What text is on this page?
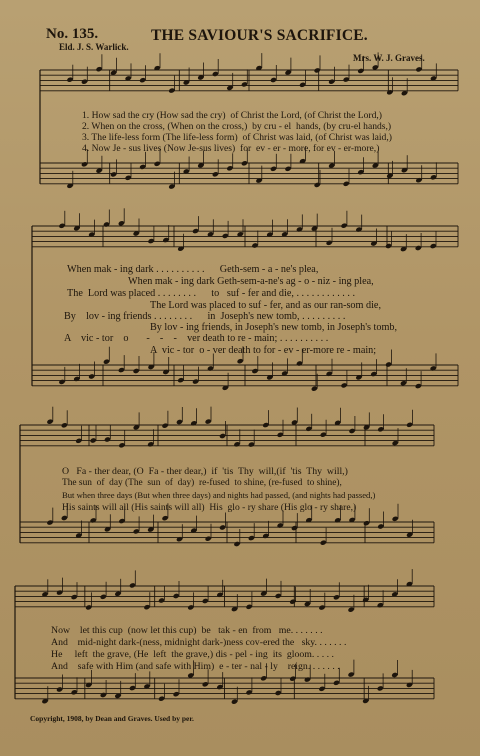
No. 135.	THE SAVIOUR'S SACRIFICE.
Eld. J. S. Warlick.
Mrs. W. J. Graves.
1. How sad the cry (How sad the cry)  of Christ the Lord, (of Christ the Lord,)
2. When on the cross, (When on the cross,)  by cru - el  hands, (by cru-el hands,)
3. The life-less form (The life-less form)  of Christ was laid, (of Christ was laid,)
4. Now Je - sus lives (Now Je-sus lives)  for  ev - er - more, for ev - er-more,)
When mak - ing dark . . . . . . . . . .      Geth-sem - a - ne's plea,
When mak - ing dark Geth-sem-a-ne's ag - o - niz - ing plea,
The  Lord was placed . . . . . . . .      to   suf - fer and die, . . . . . . . . . . . .
The Lord was placed to suf - fer, and as our ran-som die,
By    lov - ing friends . . . . . . . .      in  Joseph's new tomb, . . . . . . . . .
By lov - ing friends, in Joseph's new tomb, in Joseph's tomb,
A    vic - tor    o       -    -    -    ver death to re - main; . . . . . . . . . .
A  vic - tor  o - ver death to for - ev - er-more re - main;
O   Fa - ther dear, (O  Fa - ther dear,)  if  'tis  Thy  will,(if  'tis  Thy  will,)
The sun  of  day (The  sun  of  day)  re-fused  to shine, (re-fused  to shine),
But when three days (But when three days) and nights had passed, (and nights had passed,)
His saints will all (His saints will all)  His  glo - ry share (His glo - ry share,)
Now    let this cup  (now let this cup)  be   tak - en  from   me. . . . . . .
And    mid-night dark-(ness, midnight dark-)ness cov-ered the   sky. . . . . . .
He     left  the grave, (He  left  the grave,) dis - pel - ing  its  gloom. . . . .
And    safe with Him (and safe with Him)  e - ter - nal - ly    reign. . . . . . .
Copyright, 1908, by Dean and Graves. Used by per.
